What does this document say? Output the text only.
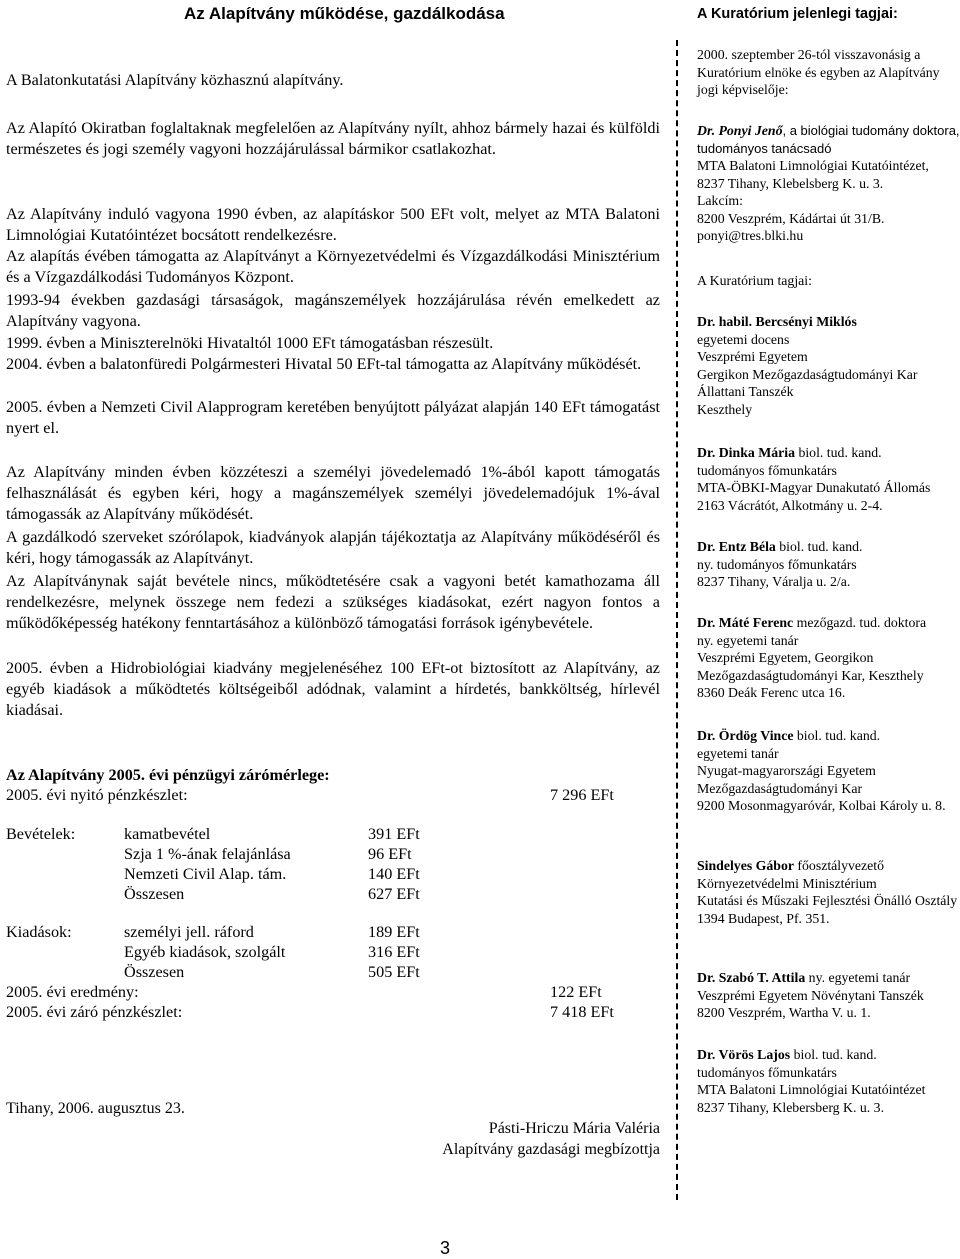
Az Alapítvány működése, gazdálkodása
A Balatonkutatási Alapítvány közhasznú alapítvány.
Az Alapító Okiratban foglaltaknak megfelelően az Alapítvány nyílt, ahhoz bármely hazai és külföldi természetes és jogi személy vagyoni hozzájárulással bármikor csatlakozhat.
Az Alapítvány induló vagyona 1990 évben, az alapításkor 500 EFt volt, melyet az MTA Balatoni Limnológiai Kutatóintézet bocsátott rendelkezésre.
Az alapítás évében támogatta az Alapítványt a Környezetvédelmi és Vízgazdálkodási Minisztérium és a Vízgazdálkodási Tudományos Központ.
1993-94 években gazdasági társaságok, magánszemélyek hozzájárulása révén emelkedett az Alapítvány vagyona.
1999. évben a Miniszterelnöki Hivataltól 1000 EFt támogatásban részesült.
2004. évben a balatonfüredi Polgármesteri Hivatal 50 EFt-tal támogatta az Alapítvány működését.
2005. évben a Nemzeti Civil Alapprogram keretében benyújtott pályázat alapján 140 EFt támogatást nyert el.
Az Alapítvány minden évben közzéteszi a személyi jövedelemadó 1%-ából kapott támogatás felhasználását és egyben kéri, hogy a magánszemélyek személyi jövedelemadójuk 1%-ával támogassák az Alapítvány működését.
A gazdálkodó szerveket szórólapok, kiadványok alapján tájékoztatja az Alapítvány működéséről és kéri, hogy támogassák az Alapítványt.
Az Alapítványnak saját bevétele nincs, működtetésére csak a vagyoni betét kamathozama áll rendelkezésre, melynek összege nem fedezi a szükséges kiadásokat, ezért nagyon fontos a működőképesség hatékony fenntartásához a különböző támogatási források igénybevétele.
2005. évben a Hidrobiológiai kiadvány megjelenéséhez 100 EFt-ot biztosított az Alapítvány, az egyéb kiadások a működtetés költségeiből adódnak, valamint a hírdetés, bankköltség, hírlevél kiadásai.
Az Alapítvány 2005. évi pénzügyi zárómérlege:
2005. évi nyitó pénzkészlet:	7 296 EFt
Bevételek:	kamatbevétel	391 EFt
Szja 1 %-ának felajánlása	96 EFt
Nemzeti Civil Alap. tám.	140 EFt
Összesen	627 EFt
Kiadások:	személyi jell. ráford	189 EFt
Egyéb kiadások, szolgált	316 EFt
Összesen	505 EFt
2005. évi eredmény:	122 EFt
2005. évi záró pénzkészlet:	7 418 EFt
Tihany, 2006. augusztus 23.
Pásti-Hriczu Mária Valéria
Alapítvány gazdasági megbízottja
A Kuratórium jelenlegi tagjai:
2000. szeptember 26-tól visszavonásig a Kuratórium elnöke és egyben az Alapítvány jogi képviselője:
Dr. Ponyi Jenő, a biológiai tudomány doktora, tudományos tanácsadó
MTA Balatoni Limnológiai Kutatóintézet,
8237 Tihany, Klebelsberg K. u. 3.
Lakcím:
8200 Veszprém, Kádártai út 31/B.
ponyi@tres.blki.hu
A Kuratórium tagjai:
Dr. habil. Bercsényi Miklós
egyetemi docens
Veszprémi Egyetem
Gergikon Mezőgazdaságtudományi Kar
Állattani Tanszék
Keszthely
Dr. Dinka Mária biol. tud. kand.
tudományos főmunkatárs
MTA-ÖBKI-Magyar Dunakutató Állomás
2163 Vácrátót, Alkotmány u. 2-4.
Dr. Entz Béla biol. tud. kand.
ny. tudományos főmunkatárs
8237 Tihany, Váralja u. 2/a.
Dr. Máté Ferenc mezőgazd. tud. doktora
ny. egyetemi tanár
Veszprémi Egyetem, Georgikon Mezőgazdaságtudományi Kar, Keszthely
8360 Deák Ferenc utca 16.
Dr. Ördög Vince biol. tud. kand.
egyetemi tanár
Nyugat-magyarországi Egyetem Mezőgazdaságtudományi Kar
9200 Mosonmagyaróvár, Kolbai Károly u. 8.
Sindelyes Gábor főosztályvezető
Környezetvédelmi Minisztérium
Kutatási és Műszaki Fejlesztési Önálló Osztály
1394 Budapest, Pf. 351.
Dr. Szabó T. Attila ny. egyetemi tanár
Veszprémi Egyetem Növénytani Tanszék
8200 Veszprém, Wartha V. u. 1.
Dr. Vörös Lajos biol. tud. kand.
tudományos főmunkatárs
MTA Balatoni Limnológiai Kutatóintézet
8237 Tihany, Klebersberg K. u. 3.
3
